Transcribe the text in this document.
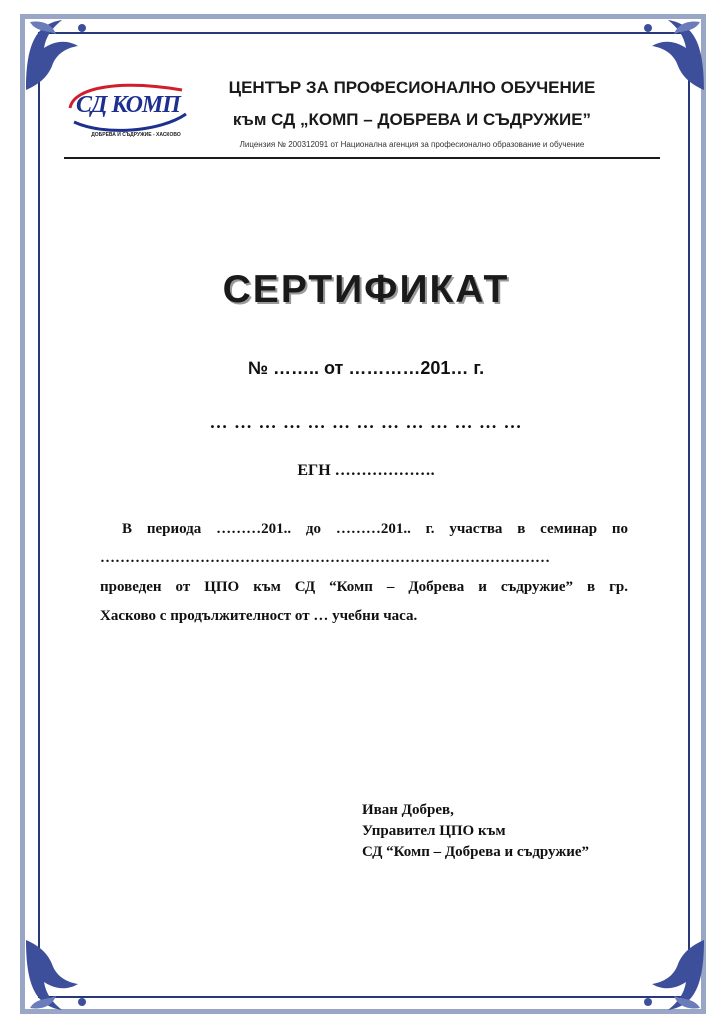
СД КОМП
ДОБРЕВА И СЪДРУЖИЕ - ХАСКОВО
ЦЕНТЪР ЗА ПРОФЕСИОНАЛНО ОБУЧЕНИЕ
към СД „КОМП – ДОБРЕВА И СЪДРУЖИЕ”
Лицензия № 200312091 от Национална агенция за професионално образование и обучение
СЕРТИФИКАТ
№ …….. от …………201… г.
… … … … … … … … … … … … …
ЕГН ……………….
В периода ………201.. до ………201.. г. участва в семинар по
………………………………………………………………………………
проведен от ЦПО към СД “Комп – Добрева и съдружие” в гр.
Хасково с продължителност от … учебни часа.
Иван Добрев,
Управител ЦПО към
СД “Комп – Добрева и съдружие”
